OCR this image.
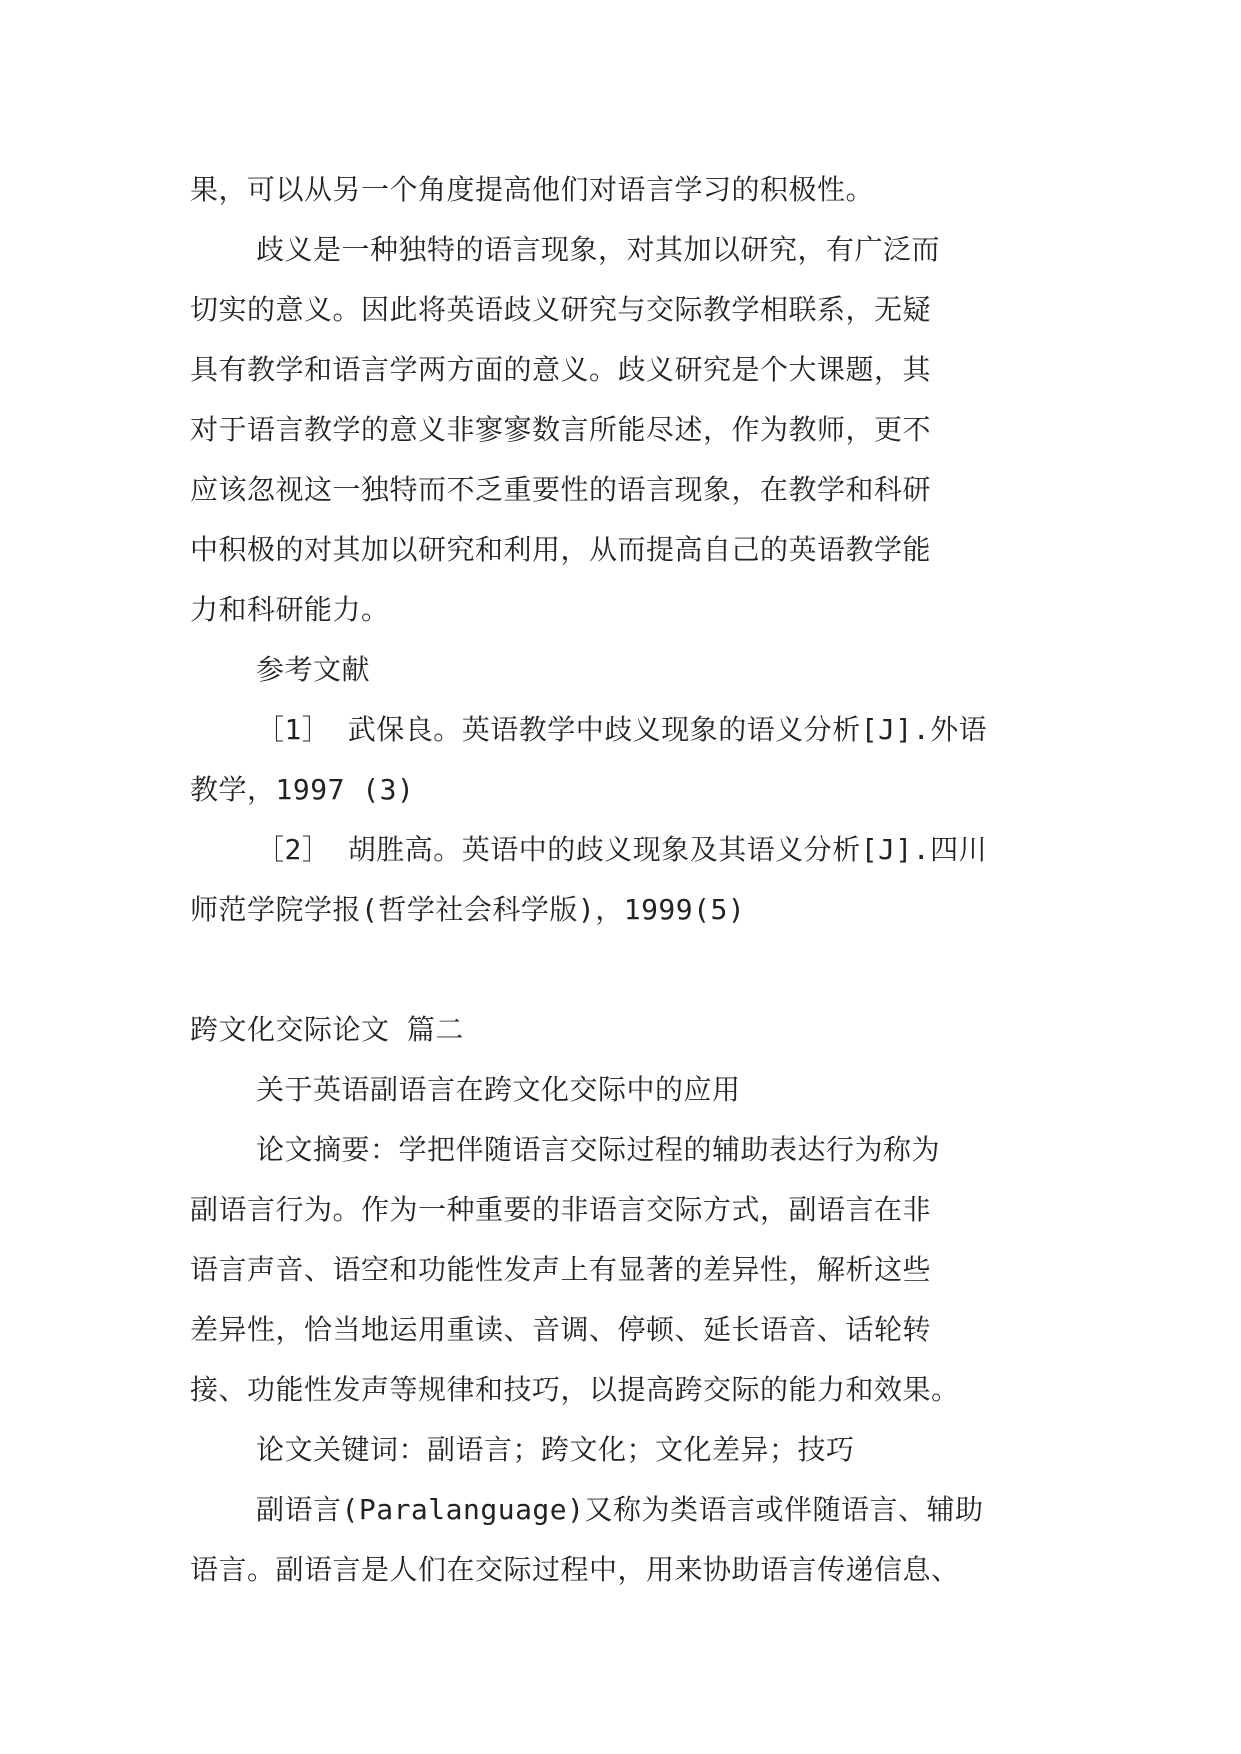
果，可以从另一个角度提高他们对语言学习的积极性。
歧义是一种独特的语言现象，对其加以研究，有广泛而
切实的意义。因此将英语歧义研究与交际教学相联系，无疑
具有教学和语言学两方面的意义。歧义研究是个大课题，其
对于语言教学的意义非寥寥数言所能尽述，作为教师，更不
应该忽视这一独特而不乏重要性的语言现象，在教学和科研
中积极的对其加以研究和利用，从而提高自己的英语教学能
力和科研能力。
参考文献
［1］ 武保良。英语教学中歧义现象的语义分析[J].外语
教学，1997 (3)
［2］ 胡胜高。英语中的歧义现象及其语义分析[J].四川
师范学院学报(哲学社会科学版)，1999(5)
跨文化交际论文 篇二
关于英语副语言在跨文化交际中的应用
论文摘要：学把伴随语言交际过程的辅助表达行为称为
副语言行为。作为一种重要的非语言交际方式，副语言在非
语言声音、语空和功能性发声上有显著的差异性，解析这些
差异性，恰当地运用重读、音调、停顿、延长语音、话轮转
接、功能性发声等规律和技巧，以提高跨交际的能力和效果。
论文关键词：副语言；跨文化；文化差异；技巧
副语言(Paralanguage)又称为类语言或伴随语言、辅助
语言。副语言是人们在交际过程中，用来协助语言传递信息、
